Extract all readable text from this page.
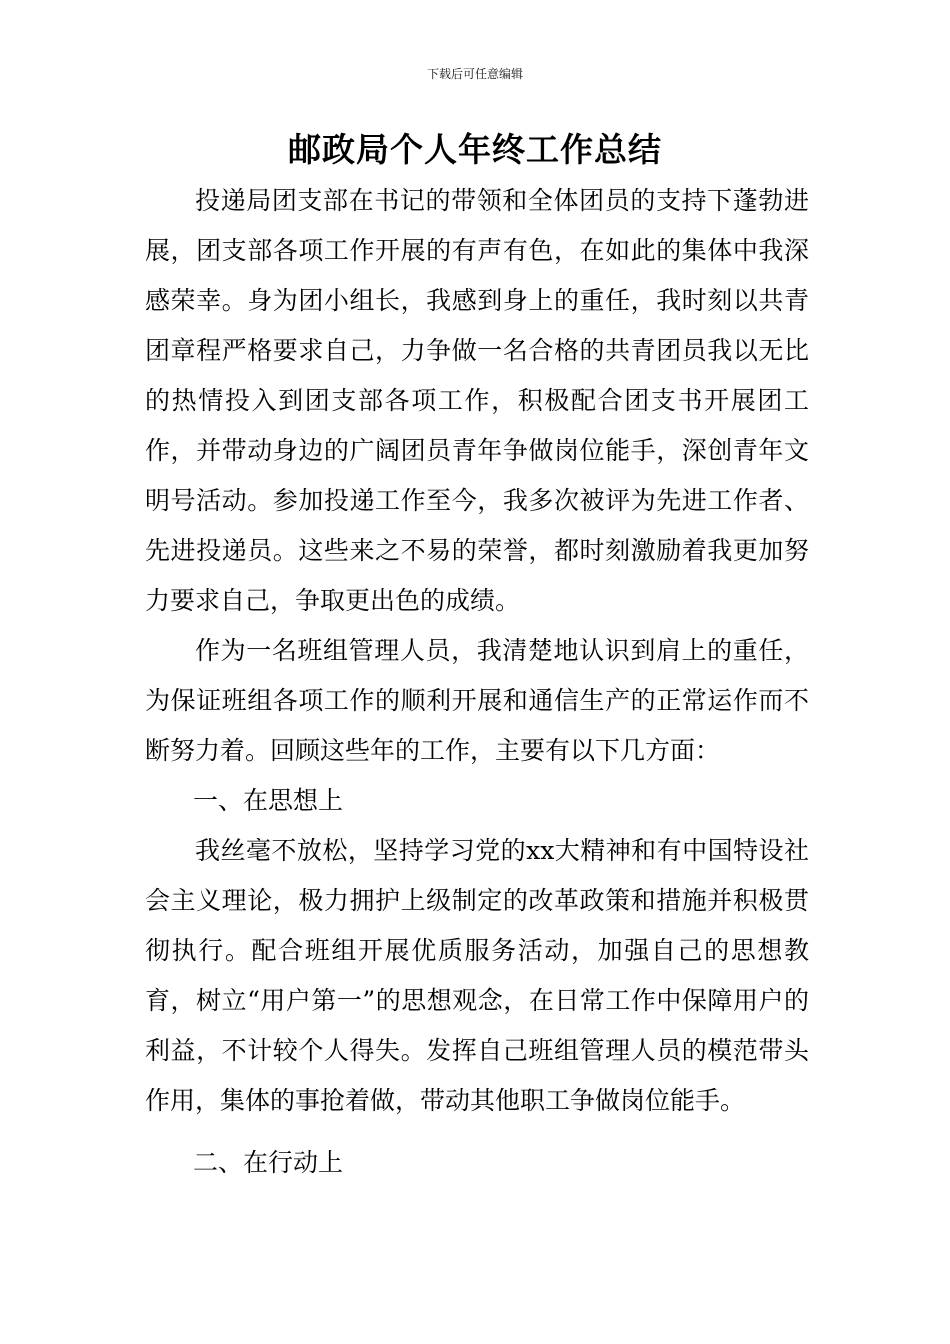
下载后可任意编辑
邮政局个人年终工作总结

投递局团支部在书记的带领和全体团员的支持下蓬勃进展，团支部各项工作开展的有声有色，在如此的集体中我深感荣幸。身为团小组长，我感到身上的重任，我时刻以共青团章程严格要求自己，力争做一名合格的共青团员我以无比的热情投入到团支部各项工作，积极配合团支书开展团工作，并带动身边的广阔团员青年争做岗位能手，深创青年文明号活动。参加投递工作至今，我多次被评为先进工作者、先进投递员。这些来之不易的荣誉，都时刻激励着我更加努力要求自己，争取更出色的成绩。

作为一名班组管理人员，我清楚地认识到肩上的重任，为保证班组各项工作的顺利开展和通信生产的正常运作而不断努力着。回顾这些年的工作，主要有以下几方面：

一、在思想上

我丝毫不放松，坚持学习党的xx大精神和有中国特设社会主义理论，极力拥护上级制定的改革政策和措施并积极贯彻执行。配合班组开展优质服务活动，加强自己的思想教育，树立“用户第一”的思想观念，在日常工作中保障用户的利益，不计较个人得失。发挥自己班组管理人员的模范带头作用，集体的事抢着做，带动其他职工争做岗位能手。

二、在行动上
